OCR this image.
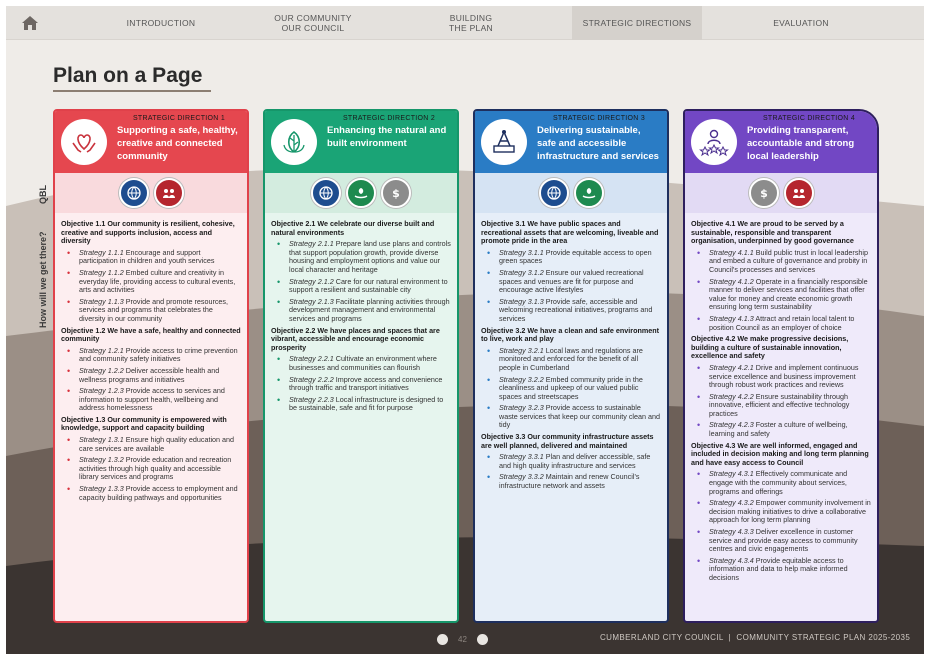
INTRODUCTION	OUR COMMUNITY
OUR COUNCIL
BUILDING
THE PLAN	STRATEGIC DIRECTIONS	EVALUATION
Plan on a Page
QBL
How will we get there?
STRATEGIC DIRECTION 1
Supporting a safe, healthy, creative and connected community
Objective 1.1 Our community is resilient, cohesive, creative and supports inclusion, access and diversity
• Strategy 1.1.1 Encourage and support participation in children and youth services
• Strategy 1.1.2 Embed culture and creativity in everyday life, providing access to cultural events, arts and activities
• Strategy 1.1.3 Provide and promote resources, services and programs that celebrates the diversity in our community
Objective 1.2 We have a safe, healthy and connected community
• Strategy 1.2.1 Provide access to crime prevention and community safety initiatives
• Strategy 1.2.2 Deliver accessible health and wellness programs and initiatives
• Strategy 1.2.3 Provide access to services and information to support health, wellbeing and address homelessness
Objective 1.3 Our community is empowered with knowledge, support and capacity building
• Strategy 1.3.1 Ensure high quality education and care services are available
• Strategy 1.3.2 Provide education and recreation activities through high quality and accessible library services and programs
• Strategy 1.3.3 Provide access to employment and capacity building pathways and opportunities
STRATEGIC DIRECTION 2
Enhancing the natural and built environment
$
Objective 2.1 We celebrate our diverse built and natural environments
• Strategy 2.1.1 Prepare land use plans and controls that support population growth, provide diverse housing and employment options and value our local character and heritage
• Strategy 2.1.2 Care for our natural environment to support a resilient and sustainable city
• Strategy 2.1.3 Facilitate planning activities through development management and environmental services and programs
Objective 2.2 We have places and spaces that are vibrant, accessible and encourage economic prosperity
• Strategy 2.2.1 Cultivate an environment where businesses and communities can flourish
• Strategy 2.2.2 Improve access and convenience through traffic and transport initiatives
• Strategy 2.2.3 Local infrastructure is designed to be sustainable, safe and fit for purpose
STRATEGIC DIRECTION 3
Delivering sustainable, safe and accessible infrastructure and services
Objective 3.1 We have public spaces and recreational assets that are welcoming, liveable and promote pride in the area
• Strategy 3.1.1 Provide equitable access to open green spaces
• Strategy 3.1.2 Ensure our valued recreational spaces and venues are fit for purpose and encourage active lifestyles
• Strategy 3.1.3 Provide safe, accessible and welcoming recreational initiatives, programs and services
Objective 3.2 We have a clean and safe environment to live, work and play
• Strategy 3.2.1 Local laws and regulations are monitored and enforced for the benefit of all people in Cumberland
• Strategy 3.2.2 Embed community pride in the cleanliness and upkeep of our valued public spaces and streetscapes
• Strategy 3.2.3 Provide access to sustainable waste services that keep our community clean and tidy
Objective 3.3 Our community infrastructure assets are well planned, delivered and maintained
• Strategy 3.3.1 Plan and deliver accessible, safe and high quality infrastructure and services
• Strategy 3.3.2 Maintain and renew Council's infrastructure network and assets
STRATEGIC DIRECTION 4
Providing transparent, accountable and strong local leadership
$
Objective 4.1 We are proud to be served by a sustainable, responsible and transparent organisation, underpinned by good governance
• Strategy 4.1.1 Build public trust in local leadership and embed a culture of governance and probity in Council's processes and services
• Strategy 4.1.2 Operate in a financially responsible manner to deliver services and facilities that offer value for money and create economic growth ensuring long term sustainability
• Strategy 4.1.3 Attract and retain local talent to position Council as an employer of choice
Objective 4.2 We make progressive decisions, building a culture of sustainable innovation, excellence and safety
• Strategy 4.2.1 Drive and implement continuous service excellence and business improvement through robust work practices and reviews
• Strategy 4.2.2 Ensure sustainability through innovative, efficient and effective technology practices
• Strategy 4.2.3 Foster a culture of wellbeing, learning and safety
Objective 4.3 We are well informed, engaged and included in decision making and long term planning and have easy access to Council
• Strategy 4.3.1 Effectively communicate and engage with the community about services, programs and offerings
• Strategy 4.3.2 Empower community involvement in decision making initiatives to drive a collaborative approach for long term planning
• Strategy 4.3.3 Deliver excellence in customer service and provide easy access to community centres and civic engagements
• Strategy 4.3.4 Provide equitable access to information and data to help make informed decisions
42	CUMBERLAND CITY COUNCIL  |  COMMUNITY STRATEGIC PLAN 2025-2035
